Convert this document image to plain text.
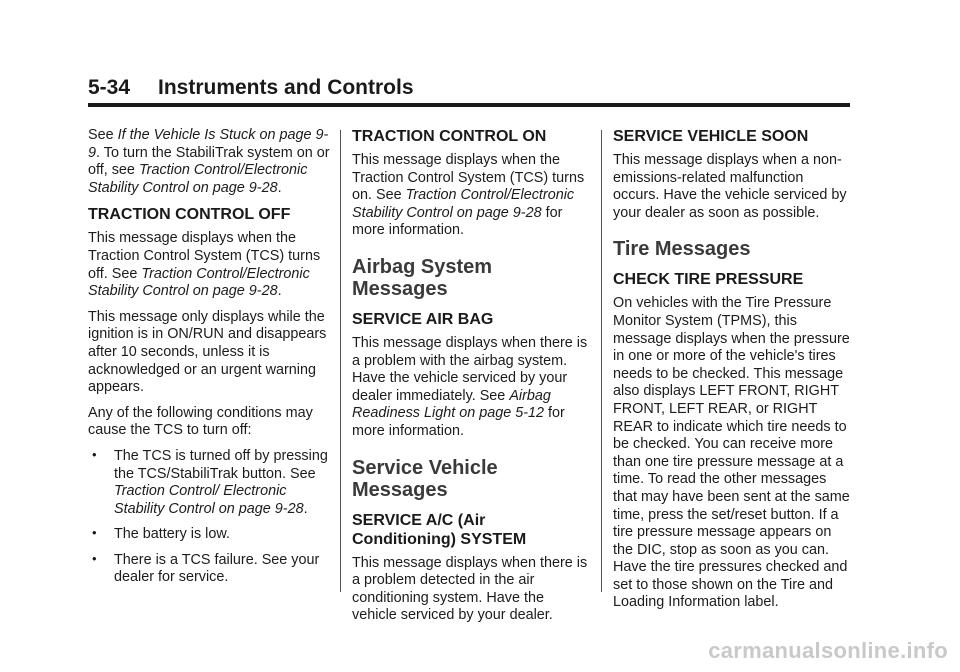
5-34 Instruments and Controls

See If the Vehicle Is Stuck on page 9-9. To turn the StabiliTrak system on or off, see Traction Control/Electronic Stability Control on page 9-28.

TRACTION CONTROL OFF

This message displays when the Traction Control System (TCS) turns off. See Traction Control/Electronic Stability Control on page 9-28.

This message only displays while the ignition is in ON/RUN and disappears after 10 seconds, unless it is acknowledged or an urgent warning appears.

Any of the following conditions may cause the TCS to turn off:

• The TCS is turned off by pressing the TCS/StabiliTrak button. See Traction Control/ Electronic Stability Control on page 9-28.
• The battery is low.
• There is a TCS failure. See your dealer for service.
TRACTION CONTROL ON

This message displays when the Traction Control System (TCS) turns on. See Traction Control/Electronic Stability Control on page 9-28 for more information.

Airbag System Messages
SERVICE AIR BAG

This message displays when there is a problem with the airbag system. Have the vehicle serviced by your dealer immediately. See Airbag Readiness Light on page 5-12 for more information.

Service Vehicle Messages
SERVICE A/C (Air Conditioning) SYSTEM

This message displays when there is a problem detected in the air conditioning system. Have the vehicle serviced by your dealer.

SERVICE VEHICLE SOON

This message displays when a non-emissions-related malfunction occurs. Have the vehicle serviced by your dealer as soon as possible.

Tire Messages
CHECK TIRE PRESSURE

On vehicles with the Tire Pressure Monitor System (TPMS), this message displays when the pressure in one or more of the vehicle's tires needs to be checked. This message also displays LEFT FRONT, RIGHT FRONT, LEFT REAR, or RIGHT REAR to indicate which tire needs to be checked. You can receive more than one tire pressure message at a time. To read the other messages that may have been sent at the same time, press the set/reset button. If a tire pressure message appears on the DIC, stop as soon as you can. Have the tire pressures checked and set to those shown on the Tire and Loading Information label.

carmanualsonline.info
